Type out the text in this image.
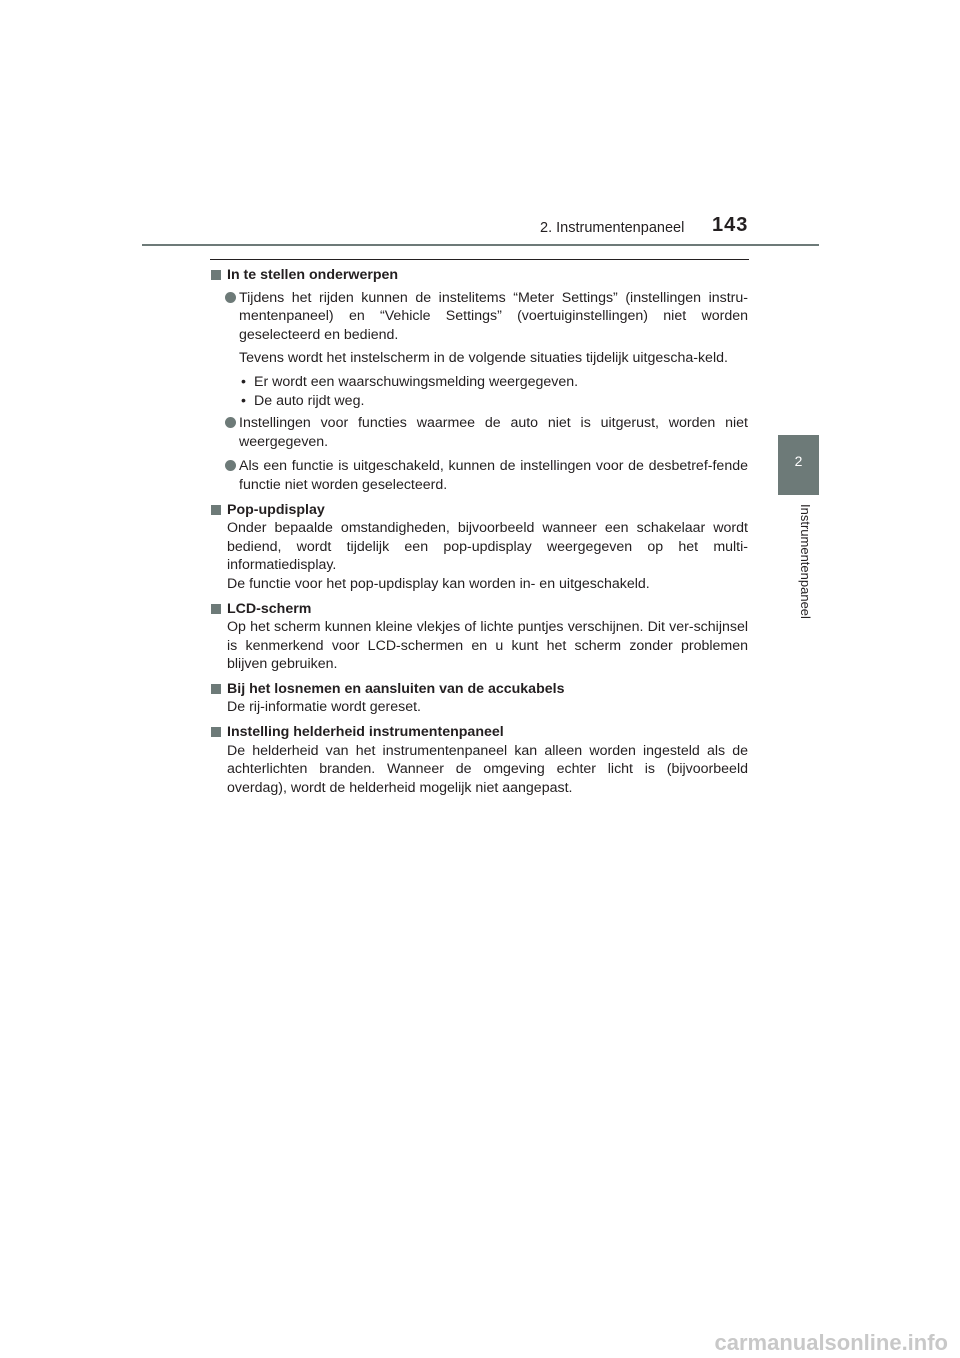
2. Instrumentenpaneel	143
2
Instrumentenpaneel
In te stellen onderwerpen
Tijdens het rijden kunnen de instelitems “Meter Settings” (instellingen instru-mentenpaneel) en “Vehicle Settings” (voertuiginstellingen) niet worden geselecteerd en bediend.
Tevens wordt het instelscherm in de volgende situaties tijdelijk uitgescha-keld.
• Er wordt een waarschuwingsmelding weergegeven.
• De auto rijdt weg.
Instellingen voor functies waarmee de auto niet is uitgerust, worden niet weergegeven.
Als een functie is uitgeschakeld, kunnen de instellingen voor de desbetref-fende functie niet worden geselecteerd.
Pop-updisplay
Onder bepaalde omstandigheden, bijvoorbeeld wanneer een schakelaar wordt bediend, wordt tijdelijk een pop-updisplay weergegeven op het multi-informatiedisplay.
De functie voor het pop-updisplay kan worden in- en uitgeschakeld.
LCD-scherm
Op het scherm kunnen kleine vlekjes of lichte puntjes verschijnen. Dit ver-schijnsel is kenmerkend voor LCD-schermen en u kunt het scherm zonder problemen blijven gebruiken.
Bij het losnemen en aansluiten van de accukabels
De rij-informatie wordt gereset.
Instelling helderheid instrumentenpaneel
De helderheid van het instrumentenpaneel kan alleen worden ingesteld als de achterlichten branden. Wanneer de omgeving echter licht is (bijvoorbeeld overdag), wordt de helderheid mogelijk niet aangepast.
carmanualsonline.info
